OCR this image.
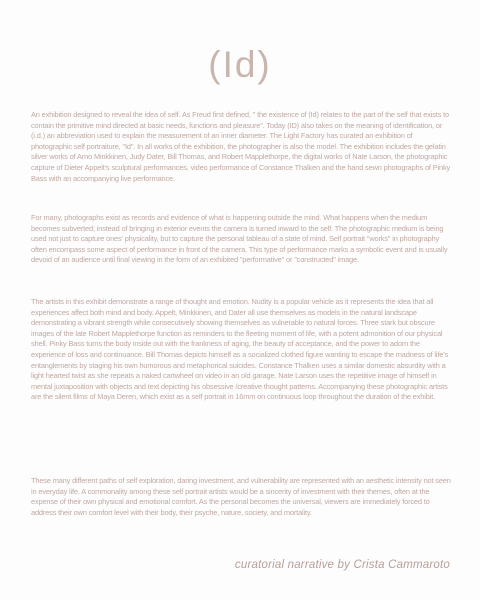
(Id)

An exhibition designed to reveal the idea of self. As Freud first defined, " the existence of (Id) relates to the part of the self that exists to contain the primitive mind directed at basic needs, functions and pleasure". Today (ID) also takes on the meaning of identification, or (i.d.) an abbreviation used to explain the measurement of an inner diameter. The Light Factory has curated an exhibition of photographic self portraiture, "Id". In all works of the exhibition, the photographer is also the model. The exhibition includes the gelatin silver works of Arno Minkkinen, Judy Dater, Bill Thomas, and Robert Mapplethorpe, the digital works of Nate Larson, the photographic capture of Dieter Appelt's sculptural performances, video performance of Constance Thalken and the hand sewn photographs of Pinky Bass with an accompanying live performance.

For many, photographs exist as records and evidence of what is happening outside the mind. What happens when the medium becomes subverted; instead of bringing in exterior events the camera is turned inward to the self. The photographic medium is being used not just to capture ones' physicality, but to capture the personal tableau of a state of mind. Self portrait "works" in photography often encompass some aspect of performance in front of the camera. This type of performance marks a symbolic event and is usually devoid of an audience until final viewing in the form of an exhibited "performative" or "constructed" image.

The artists in this exhibit demonstrate a range of thought and emotion. Nudity is a popular vehicle as it represents the idea that all experiences affect both mind and body. Appelt, Minkkinen, and Dater all use themselves as models in the natural landscape demonstrating a vibrant strength while consecutively showing themselves as vulnerable to natural forces. Three stark but obscure images of the late Robert Mapplethorpe function as reminders to the fleeting moment of life, with a potent admonition of our physical shell. Pinky Bass turns the body inside out with the frankness of aging, the beauty of acceptance, and the power to adorn the experience of loss and continuance. Bill Thomas depicts himself as a socialized clothed figure wanting to escape the madness of life's entanglements by staging his own humorous and metaphorical suicides. Constance Thalken uses a similar domestic absurdity with a light hearted twist as she repeats a naked cartwheel on video in an old garage. Nate Larson uses the repetitive image of himself in mental juxtaposition with objects and text depicting his obsessive /creative thought patterns. Accompanying these photographic artists are the silent films of Maya Deren, which exist as a self portrait in 16mm on continuous loop throughout the duration of the exhibit.

These many different paths of self exploration, daring investment, and vulnerability are represented with an aesthetic intensity not seen in everyday life. A commonality among these self portrait artists would be a sincerity of investment with their themes, often at the expense of their own physical and emotional comfort. As the personal becomes the universal, viewers are immediately forced to address their own comfort level with their body, their psyche, nature, society, and mortality.

curatorial narrative by Crista Cammaroto
